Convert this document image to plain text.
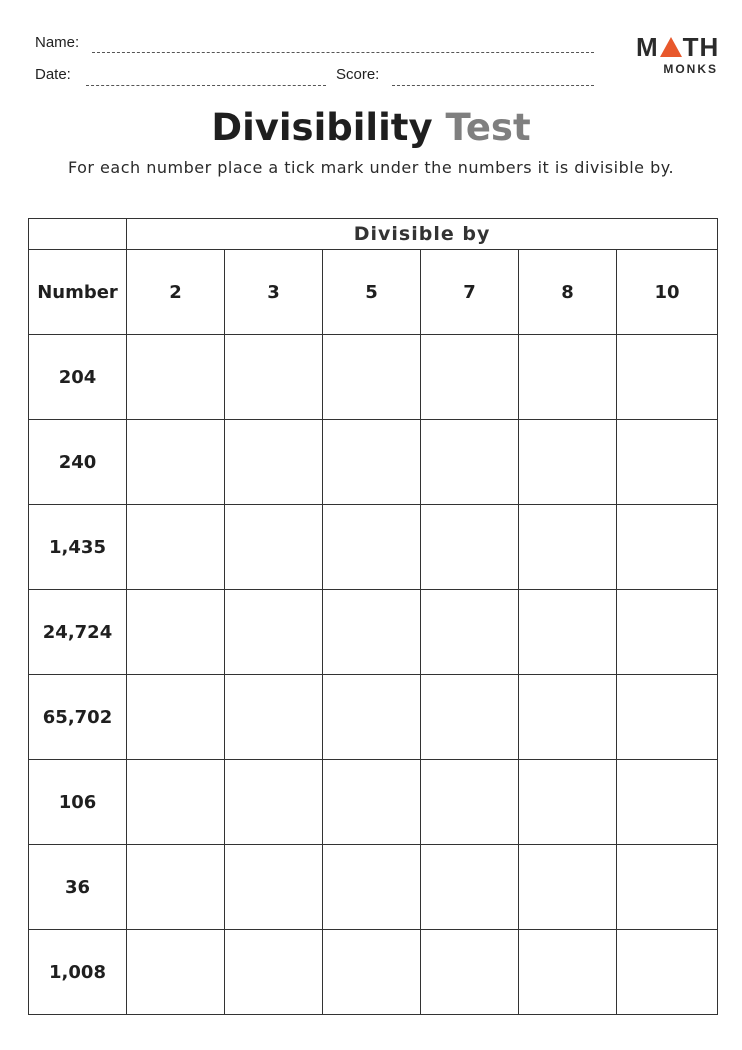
Name:
Date:	Score:
M TH
MONKS
Divisibility Test
For each number place a tick mark under the numbers it is divisible by.
	Divisible by					
Number	2	3	5	7	8	10
204						
240						
1,435						
24,724						
65,702						
106						
36						
1,008						
